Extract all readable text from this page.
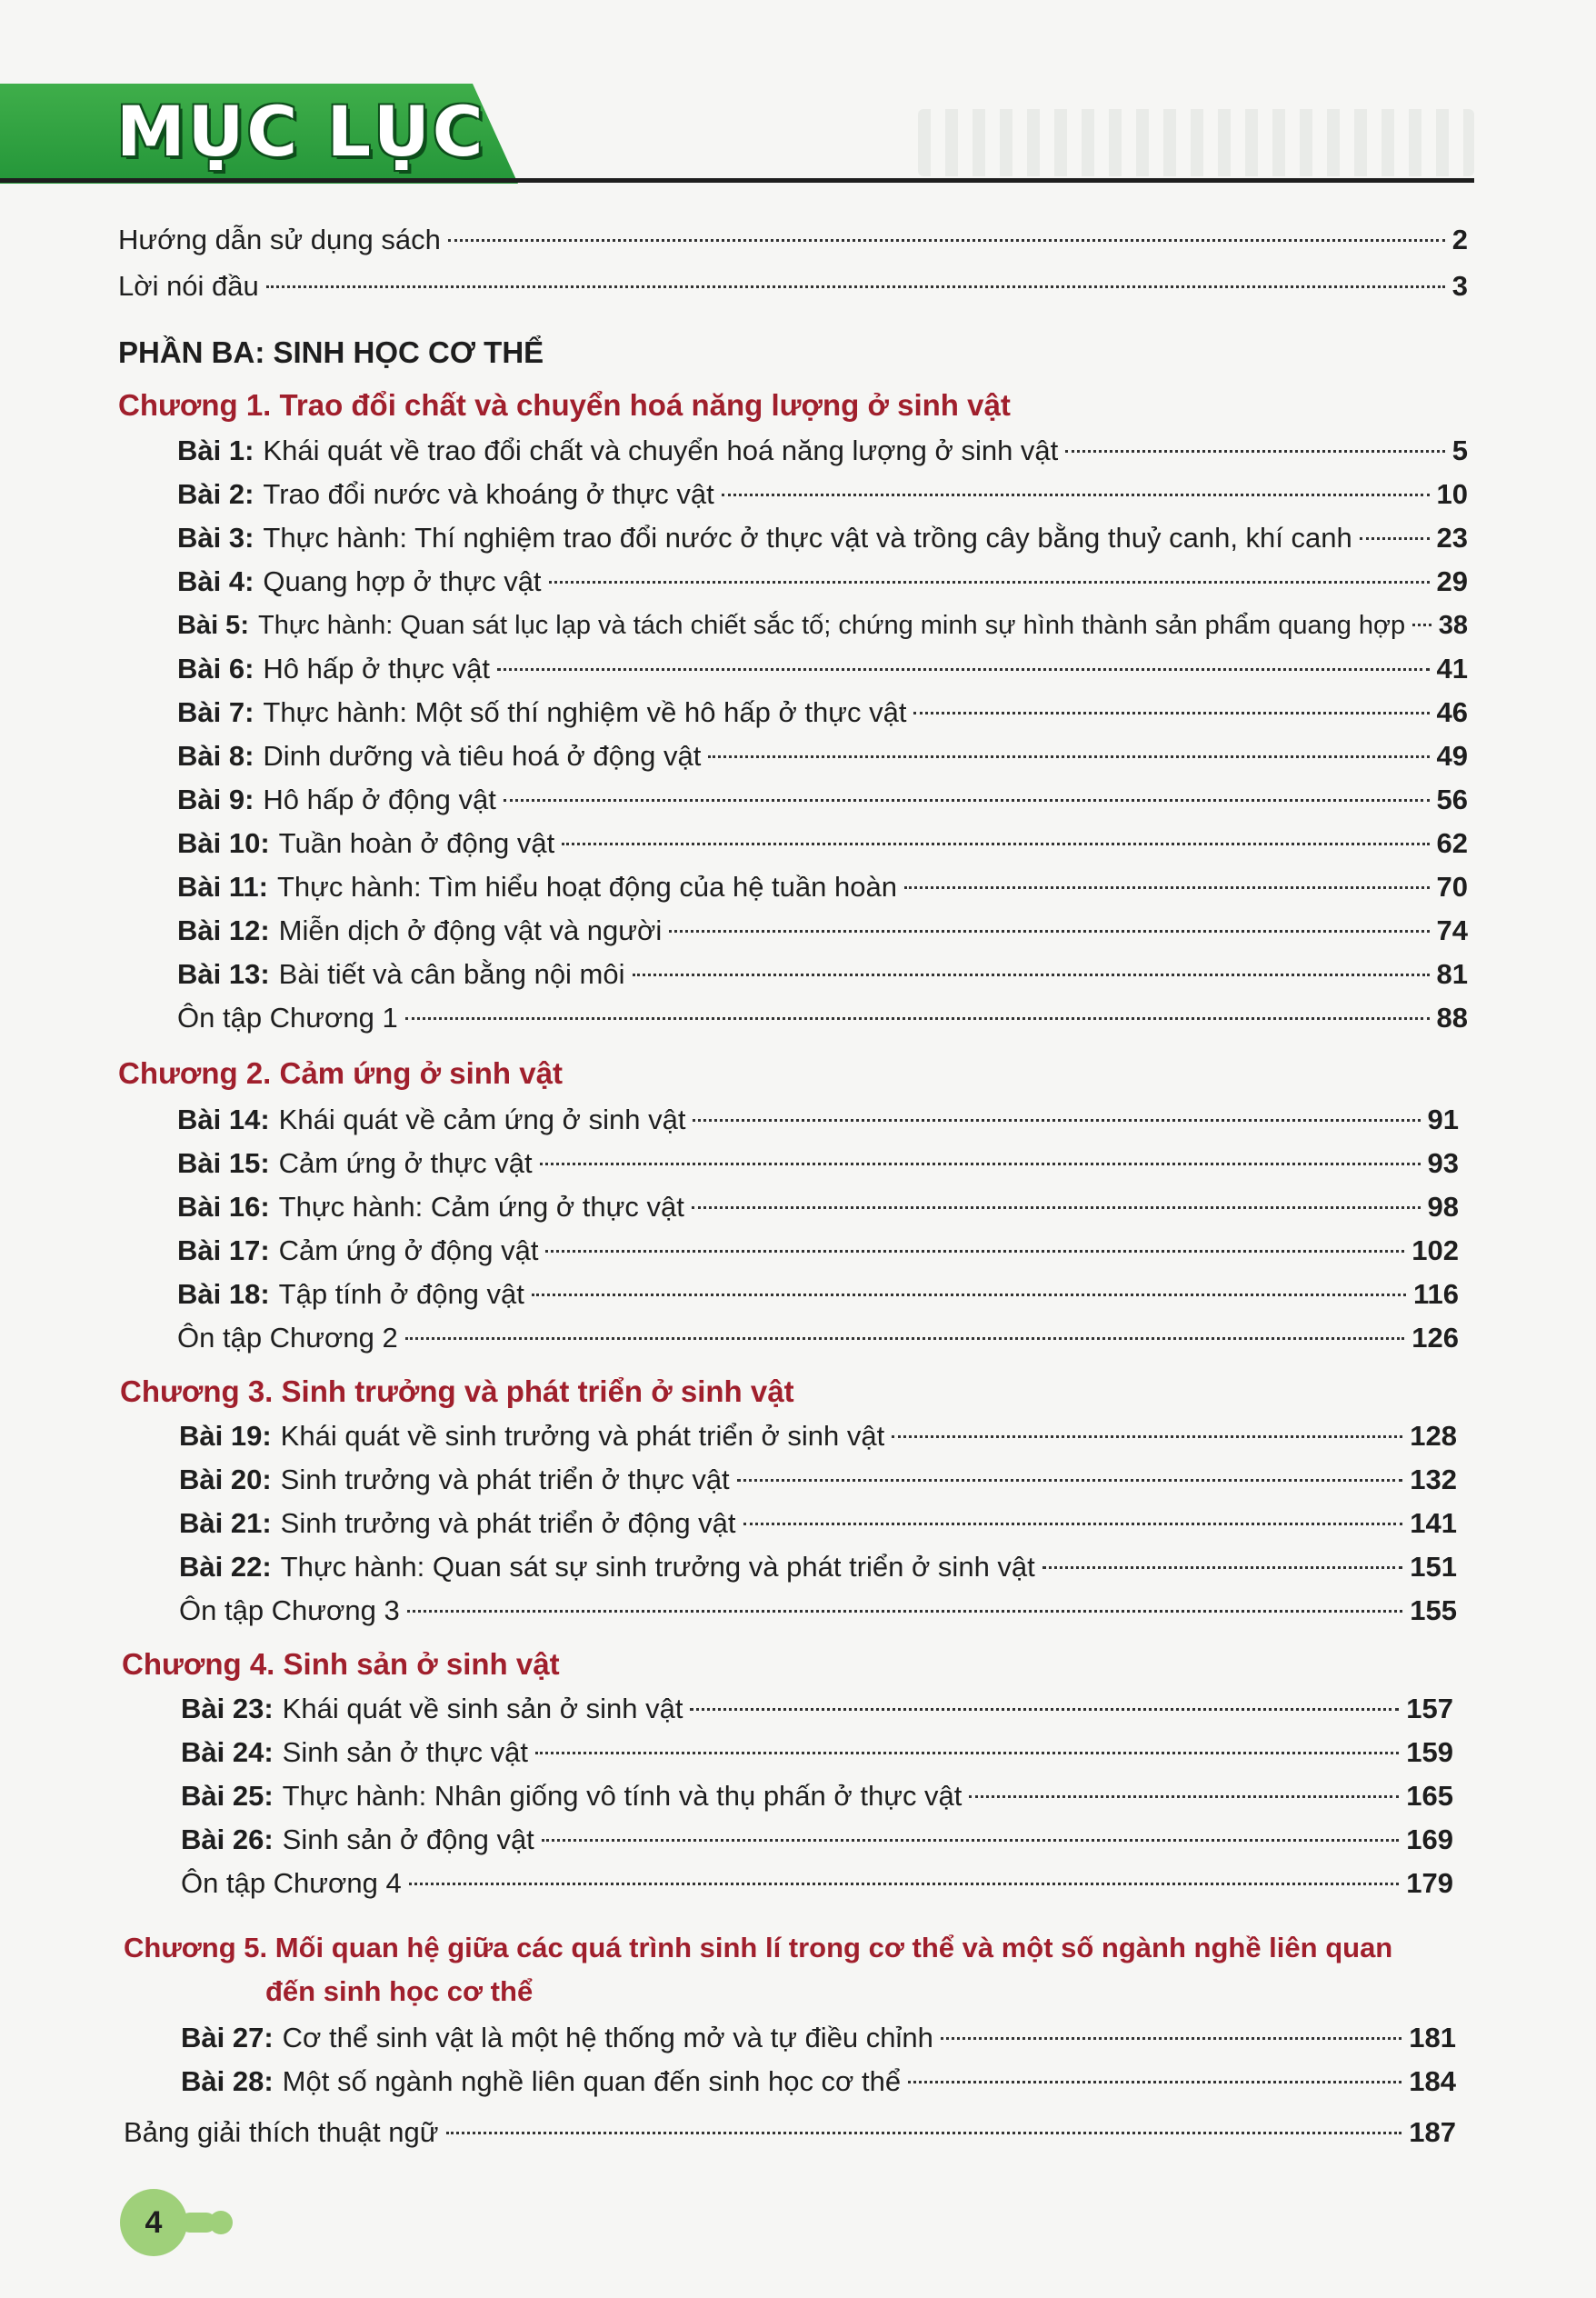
MỤC LỤC
Hướng dẫn sử dụng sách	2
Lời nói đầu	3
PHẦN BA: SINH HỌC CƠ THỂ
Chương 1. Trao đổi chất và chuyển hoá năng lượng ở sinh vật
Bài 1: Khái quát về trao đổi chất và chuyển hoá năng lượng ở sinh vật	5
Bài 2: Trao đổi nước và khoáng ở thực vật	10
Bài 3: Thực hành: Thí nghiệm trao đổi nước ở thực vật và trồng cây bằng thuỷ canh, khí canh	23
Bài 4: Quang hợp ở thực vật	29
Bài 5: Thực hành: Quan sát lục lạp và tách chiết sắc tố; chứng minh sự hình thành sản phẩm quang hợp 38
Bài 6: Hô hấp ở thực vật	41
Bài 7: Thực hành: Một số thí nghiệm về hô hấp ở thực vật	46
Bài 8: Dinh dưỡng và tiêu hoá ở động vật	49
Bài 9: Hô hấp ở động vật	56
Bài 10: Tuần hoàn ở động vật	62
Bài 11: Thực hành: Tìm hiểu hoạt động của hệ tuần hoàn	70
Bài 12: Miễn dịch ở động vật và người	74
Bài 13: Bài tiết và cân bằng nội môi	81
Ôn tập Chương 1	88
Chương 2. Cảm ứng ở sinh vật
Bài 14: Khái quát về cảm ứng ở sinh vật	91
Bài 15: Cảm ứng ở thực vật	93
Bài 16: Thực hành: Cảm ứng ở thực vật	98
Bài 17: Cảm ứng ở động vật	102
Bài 18: Tập tính ở động vật	116
Ôn tập Chương 2	126
Chương 3. Sinh trưởng và phát triển ở sinh vật
Bài 19: Khái quát về sinh trưởng và phát triển ở sinh vật	128
Bài 20: Sinh trưởng và phát triển ở thực vật	132
Bài 21: Sinh trưởng và phát triển ở động vật	141
Bài 22: Thực hành: Quan sát sự sinh trưởng và phát triển ở sinh vật	151
Ôn tập Chương 3	155
Chương 4. Sinh sản ở sinh vật
Bài 23: Khái quát về sinh sản ở sinh vật	157
Bài 24: Sinh sản ở thực vật	159
Bài 25: Thực hành: Nhân giống vô tính và thụ phấn ở thực vật	165
Bài 26: Sinh sản ở động vật	169
Ôn tập Chương 4	179
Chương 5. Mối quan hệ giữa các quá trình sinh lí trong cơ thể và một số ngành nghề liên quan
đến sinh học cơ thể
Bài 27: Cơ thể sinh vật là một hệ thống mở và tự điều chỉnh	181
Bài 28: Một số ngành nghề liên quan đến sinh học cơ thể	184
Bảng giải thích thuật ngữ	187
4
